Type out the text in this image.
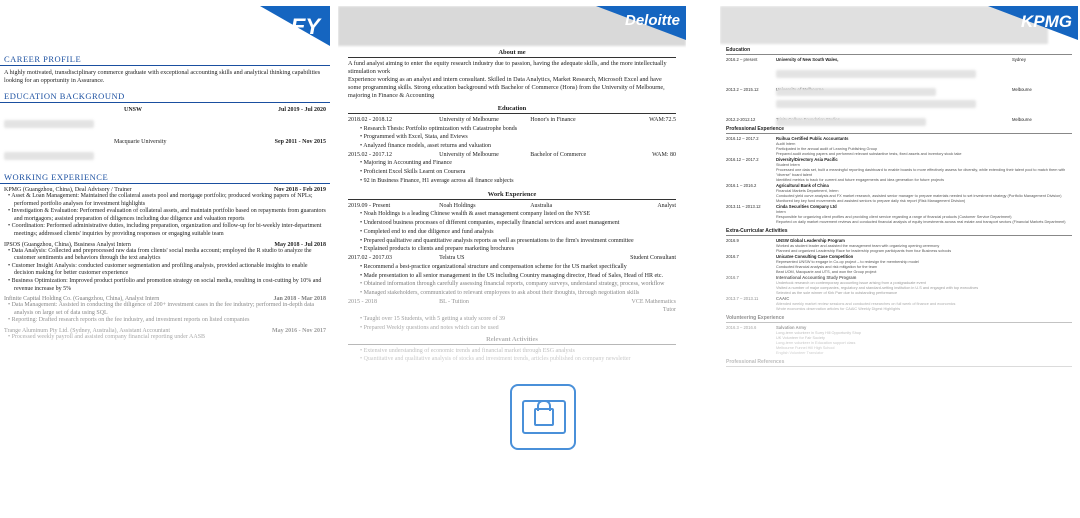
EY

CAREER PROFILE

A highly motivated, transdisciplinary commerce graduate with exceptional accounting skills and analytical thinking capabilities looking for an opportunity in Assurance.

EDUCATION BACKGROUND

UNSW	Jul 2019 - Jul 2020
Macquarie University	Sep 2011 - Nov 2015

WORKING EXPERIENCE

KPMG (Guangzhou, China), Deal Advisory / Trainer	Nov 2018 - Feb 2019

• Asset & Loan Management: Maintained the collateral assets pool and mortgage portfolio; produced working papers of NPLs; performed portfolio analyses for investment highlights

• Investigation & Evaluation: Performed evaluation of collateral assets, and maintain portfolio based on repayments from guarantors and mortgagors; assisted preparation of diligences including due diligence and valuation reports

• Coordination: Performed administrative duties, including preparation, organization and follow-up for bi-weekly inter-department meetings; addressed clients' inquiries by providing responses or engaging suitable team

IPSOS (Guangzhou, China), Business Analyst Intern	May 2018 - Jul 2018

• Data Analysis: Collected and preprocessed raw data from clients' social media account; employed the R studio to analyze the customer sentiments and behaviors through the text analytics

• Customer Insight Analysis: conducted customer segmentation and profiling analysis, provided actionable insights to enable decision making for better customer experience

• Business Optimization: Improved product portfolio and promotion strategy on social media, resulting in cost-cutting by 10% and revenue increase by 5%

Infinite Capital Holding Co. (Guangzhou, China), Analyst Intern	Jan 2018 - Mar 2018

• Data Management: Assisted in conducting the diligence of 200+ investment cases in the fee industry; performed in-depth data analysis on large set of data using SQL

• Reporting: Drafted research reports on the fee industry, and investment reports on listed companies

Trange Aluminum Pty Ltd. (Sydney, Australia), Assistant Accountant	May 2016 - Nov 2017

• Processed weekly payroll and assisted company financial reporting under AASB

Deloitte
About me

A fund analyst aiming to enter the equity research industry due to passion, having the adequate skills, and the more intellectually stimulation work

Experience working as an analyst and intern consultant. Skilled in Data Analytics, Market Research, Microsoft Excel and have some programming skills. Strong education background with Bachelor of Commerce (Hons) from the University of Melbourne, majoring in Finance & Accounting

Education
2018.02 - 2018.12	University of Melbourne	Honor's in Finance	WAM:72.5

• Research Thesis: Portfolio optimization with Catastrophe bonds

• Programmed with Excel, Stata, and Eviews

• Analyzed finance models, asset returns and valuation

2015.02 - 2017.12	University of Melbourne	Bachelor of Commerce	WAM: 80

• Majoring in Accounting and Finance

• Proficient Excel Skills Learnt on Coursera

• 92 in Business Finance, H1 average across all finance subjects

Work Experience
2019.09 - Present	Noah Holdings	Australia	Analyst

• Noah Holdings is a leading Chinese wealth & asset management company listed on the NYSE

• Understood business processes of different companies, especially financial services and asset management

• Completed end to end due diligence and fund analysis

• Prepared qualitative and quantitative analysis reports as well as presentations to the firm's investment committee

• Explained products to clients and prepare marketing brochures

2017.02 - 2017.03	Telstra US	Student Consultant

• Recommend a best-practice organizational structure and compensation scheme for the US market specifically

• Made presentation to all senior management in the US including Country managing director, Head of Sales, Head of HR etc.

• Obtained information through carefully assessing financial reports, company surveys, understand strategy, process, workflow

• Managed stakeholders, communicated to relevant employees to ask about their thoughts, through negotiation skills

2015 - 2018	BL - Tuition	VCE Mathematics Tutor

• Taught over 15 Students, with 5 getting a study score of 39

• Prepared Weekly questions and notes which can be used

Relevant Activities

• Extensive understanding of economic trends and financial market through ESG analysis

• Quantitative and qualitative analysis of stocks and investment trends, articles published on company newsletter

KPMG
Education
2016.2 – present	University of New South Wales,	Sydney

2013.2 – 2015.12	Melbourne

2012.2-2012.12	Melbourne
Professional Experience
2016.12 – 2017.2	Ruihua Certified Public Accountants

Audit Intern

Participated in the annual audit of Leaning Publishing Group

Prepared audit working papers and performed relevant substantive tests, fixed assets and inventory stock take

2016.12 – 2017.2	Diversity/Directory Asia Pacific

Student Intern

Processed one data set, built a meaningful reporting dashboard to enable boards to more effectively assess for diversity, while extending their talent pool to match them with "diverse" board talent

Identified metrics to track for current and future engagements and idea generation for future projects

2016.1 – 2016.2	Agricultural Bank of China

Financial Markets Department, Intern

Conducted yield curve analysis and FX market research, assisted senior manager to prepare materials needed to set investment strategy (Portfolio Management Division)

Monitored key key fund movements and assisted seniors to prepare daily risk report (Risk Management Division)

2013.11 – 2013.12	Cinda Securities Company Ltd

Intern

Responsible for organizing client profiles and providing client service regarding a range of financial products (Customer Service Department)

Reported on daily market movement reviews and conducted financial analysis of equity investments across real estate and transport sectors (Financial Markets Department)

Extra-Curricular Activities
2016.9	UNSW Global Leadership Program

Worked as student leader and assisted the management team with organizing opening ceremony

Planned and organized Leadership Race for leadership program participants from four Business schools

2016.7	Unicatve Consulting Case Competition

Represented UNSW to engage in Co-op project – to redesign the membership model

Conducted financial analysis and risk mitigation for the team

Beat UOM, Macquarie and UTS, and won the Group project

2016.7	International Accounting Study Program

Undertook research on contemporary accounting issue arising from a postgraduate event

Visited a number of major companies, regulatory and standard-setting institution in U.S and engaged with top executives

Selected as the sole winner of Kirk Parr due to outstanding performance

2013.7 – 2013.11	CAAIC

Attended weekly market review sessions and conducted researches on full week of finance and economics

Wrote economics observation articles for CAAIC Weekly Digest Highlights

Volunteering Experience
2016.3 – 2016.6	Salvation Army

Long-term volunteer in Surry Hill Opportunity Shop

UK Volunteer for Fair Society

Long-term volunteer in Education support class

Melbourne Funnel Hill High School

English Volunteer Translator

Professional References
